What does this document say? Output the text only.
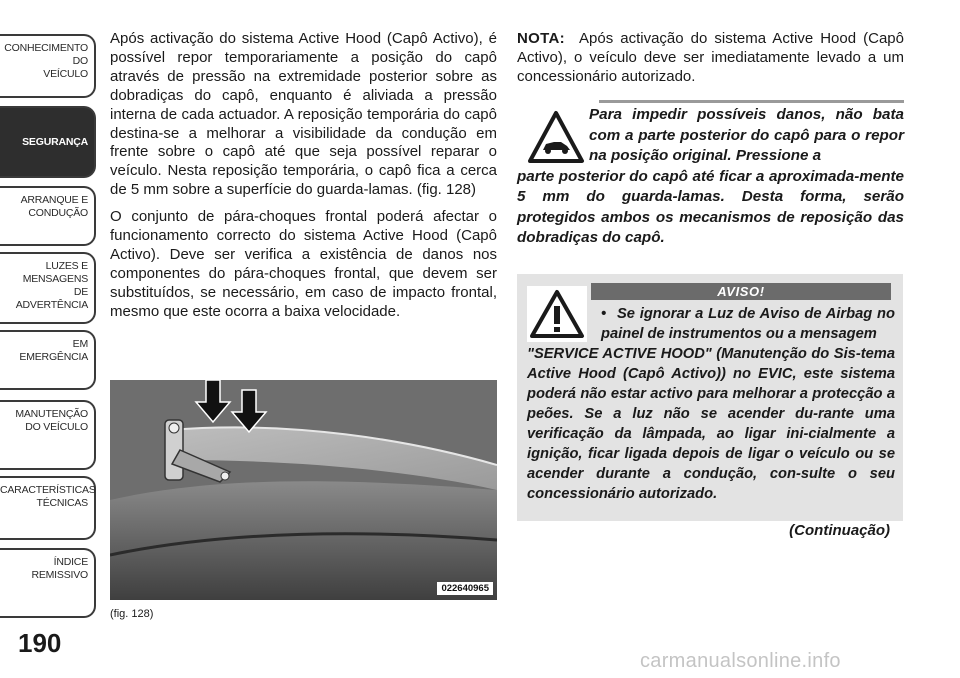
CONHECIMENTO
DO
VEÍCULO
SEGURANÇA
ARRANQUE E
CONDUÇÃO
LUZES E
MENSAGENS
DE
ADVERTÊNCIA
EM
EMERGÊNCIA
MANUTENÇÃO
DO VEÍCULO
CARACTERÍSTICAS
TÉCNICAS
ÍNDICE
REMISSIVO
190

Após activação do sistema Active Hood (Capô Activo), é possível repor temporariamente a posição do capô através de pressão na extremidade posterior sobre as dobradiças do capô, enquanto é aliviada a pressão interna de cada actuador. A reposição temporária do capô destina-se a melhorar a visibilidade da condução em frente sobre o capô até que seja possível reparar o veículo. Nesta reposição temporária, o capô fica a cerca de 5 mm sobre a superfície do guarda-lamas. (fig. 128)

O conjunto de pára-choques frontal poderá afectar o funcionamento correcto do sistema Active Hood (Capô Activo). Deve ser verifica a existência de danos nos componentes do pára-choques frontal, que devem ser substituídos, se necessário, em caso de impacto frontal, mesmo que este ocorra a baixa velocidade.

022640965
(fig. 128)

NOTA: Após activação do sistema Active Hood (Capô Activo), o veículo deve ser imediatamente levado a um concessionário autorizado.

Para impedir possíveis danos, não bata com a parte posterior do capô para o repor na posição original. Pressione a
parte posterior do capô até ficar a aproximada-mente 5 mm do guarda-lamas. Desta forma, serão protegidos ambos os mecanismos de reposição das dobradiças do capô.
AVISO!
• Se ignorar a Luz de Aviso de Airbag no painel de instrumentos ou a mensagem
"SERVICE ACTIVE HOOD" (Manutenção do Sis-tema Active Hood (Capô Activo)) no EVIC, este sistema poderá não estar activo para melhorar a protecção a peões. Se a luz não se acender du-rante uma verificação da lâmpada, ao ligar ini-cialmente a ignição, ficar ligada depois de ligar o veículo ou se acender durante a condução, con-sulte o seu concessionário autorizado.
(Continuação)
carmanualsonline.info
